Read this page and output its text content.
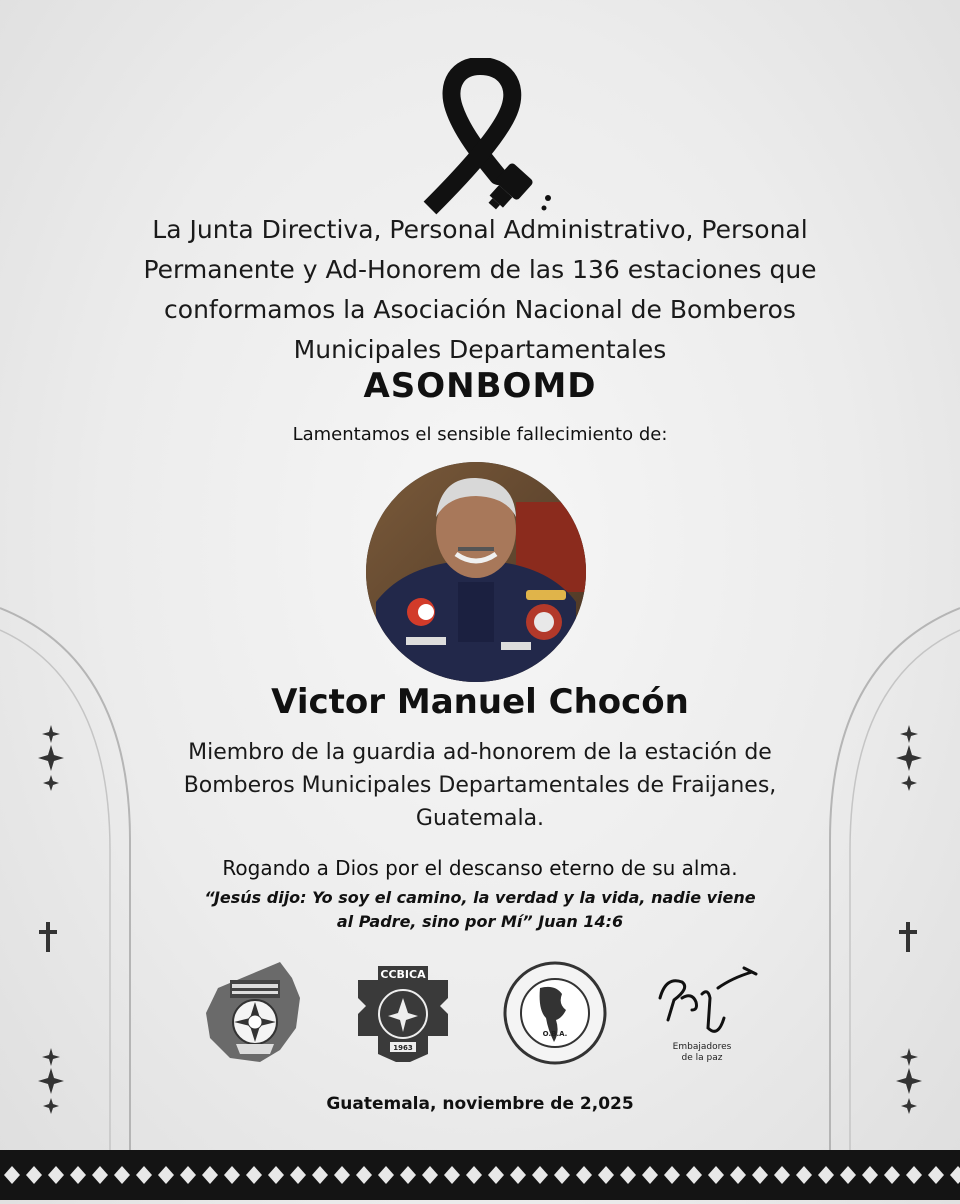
La Junta Directiva, Personal Administrativo, Personal
Permanente y Ad-Honorem de las 136 estaciones que
conformamos la Asociación Nacional de Bomberos
Municipales Departamentales
ASONBOMD
Lamentamos el sensible fallecimiento de:
Victor Manuel Chocón
Miembro de la guardia ad-honorem de la estación de
Bomberos Municipales Departamentales de Fraijanes,
Guatemala.
Rogando a Dios por el descanso eterno de su alma.
“Jesús dijo: Yo soy el camino, la verdad y la vida, nadie viene
al Padre, sino por Mí” Juan 14:6
CCBICA
1963
O.B.A.
Embajadores
de la paz
Guatemala, noviembre de 2,025
